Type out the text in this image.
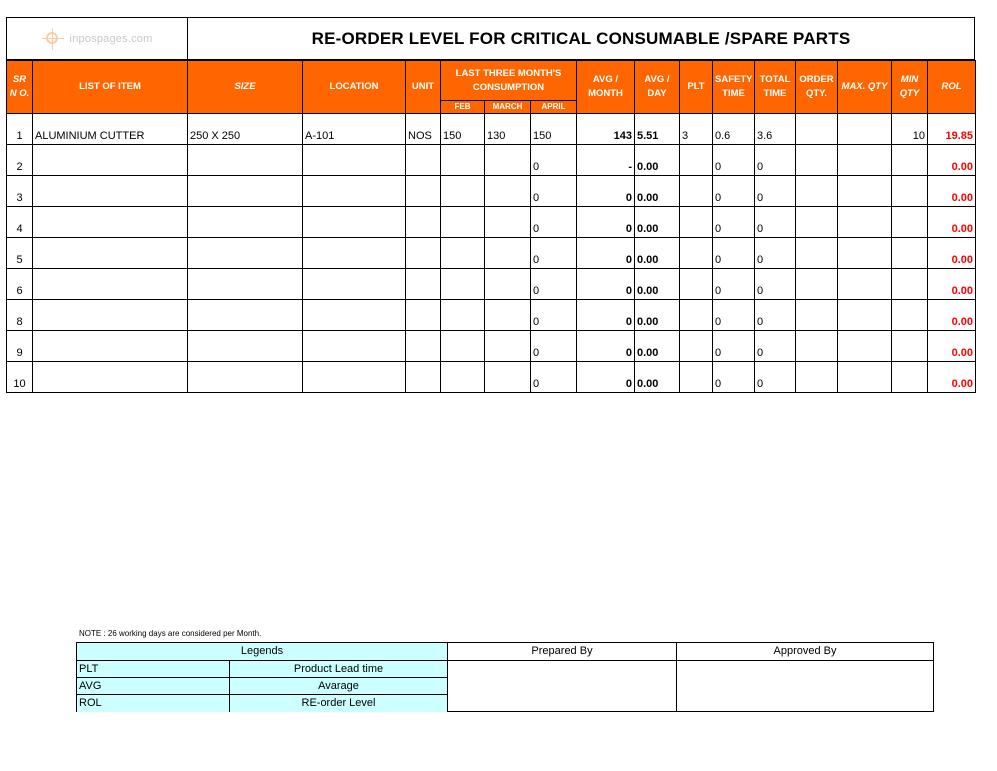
inpospages.com	RE-ORDER LEVEL FOR CRITICAL CONSUMABLE /SPARE PARTS
SR N O.	LIST OF ITEM	SIZE	LOCATION	UNIT	LAST THREE MONTH'S CONSUMPTION			AVG / MONTH	AVG / DAY	PLT	SAFETY TIME	TOTAL TIME	ORDER QTY.	MAX. QTY	MIN QTY	ROL
					FEB	MARCH	APRIL									
1	ALUMINIUM CUTTER	250 X 250	A-101	NOS	150	130	150	143	5.51	3	0.6	3.6			10	19.85
2							0	-	0.00		0	0				0.00
3							0	0	0.00		0	0				0.00
4							0	0	0.00		0	0				0.00
5							0	0	0.00		0	0				0.00
6							0	0	0.00		0	0				0.00
8							0	0	0.00		0	0				0.00
9							0	0	0.00		0	0				0.00
10							0	0	0.00		0	0				0.00
NOTE : 26 working days are considered per Month.
Legends
PLT	Product Lead time
AVG	Avarage
ROL	RE-order Level
Prepared By	Approved By
